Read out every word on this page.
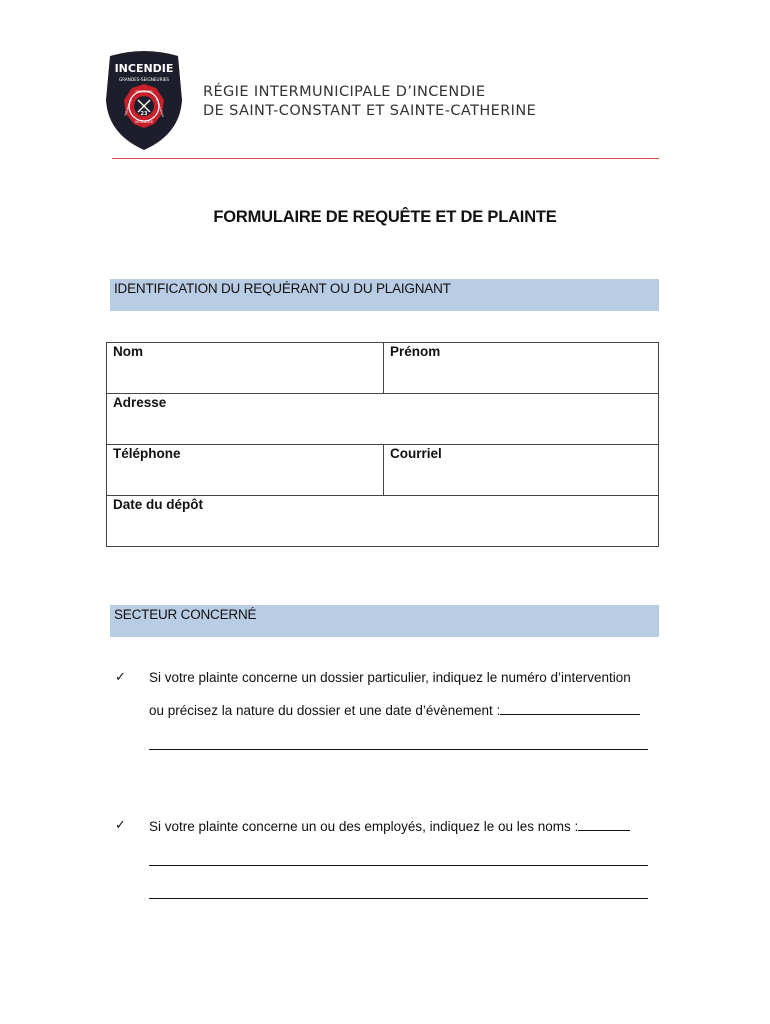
INCENDIE
GRANDES-SEIGNEURIES
SECOURS
VIGILANCE
PRÉVENTION	INTERVENTION
23
RÉGIE INTERMUNICIPALE D’INCENDIE
DE SAINT-CONSTANT ET SAINTE-CATHERINE
FORMULAIRE DE REQUÊTE ET DE PLAINTE
IDENTIFICATION DU REQUÉRANT OU DU PLAIGNANT
Nom	Prénom
Adresse	
Téléphone	Courriel
Date du dépôt	
SECTEUR CONCERNÉ
✓ Si votre plainte concerne un dossier particulier, indiquez le numéro d’intervention
ou précisez la nature du dossier et une date d’évènement :
✓ Si votre plainte concerne un ou des employés, indiquez le ou les noms :
